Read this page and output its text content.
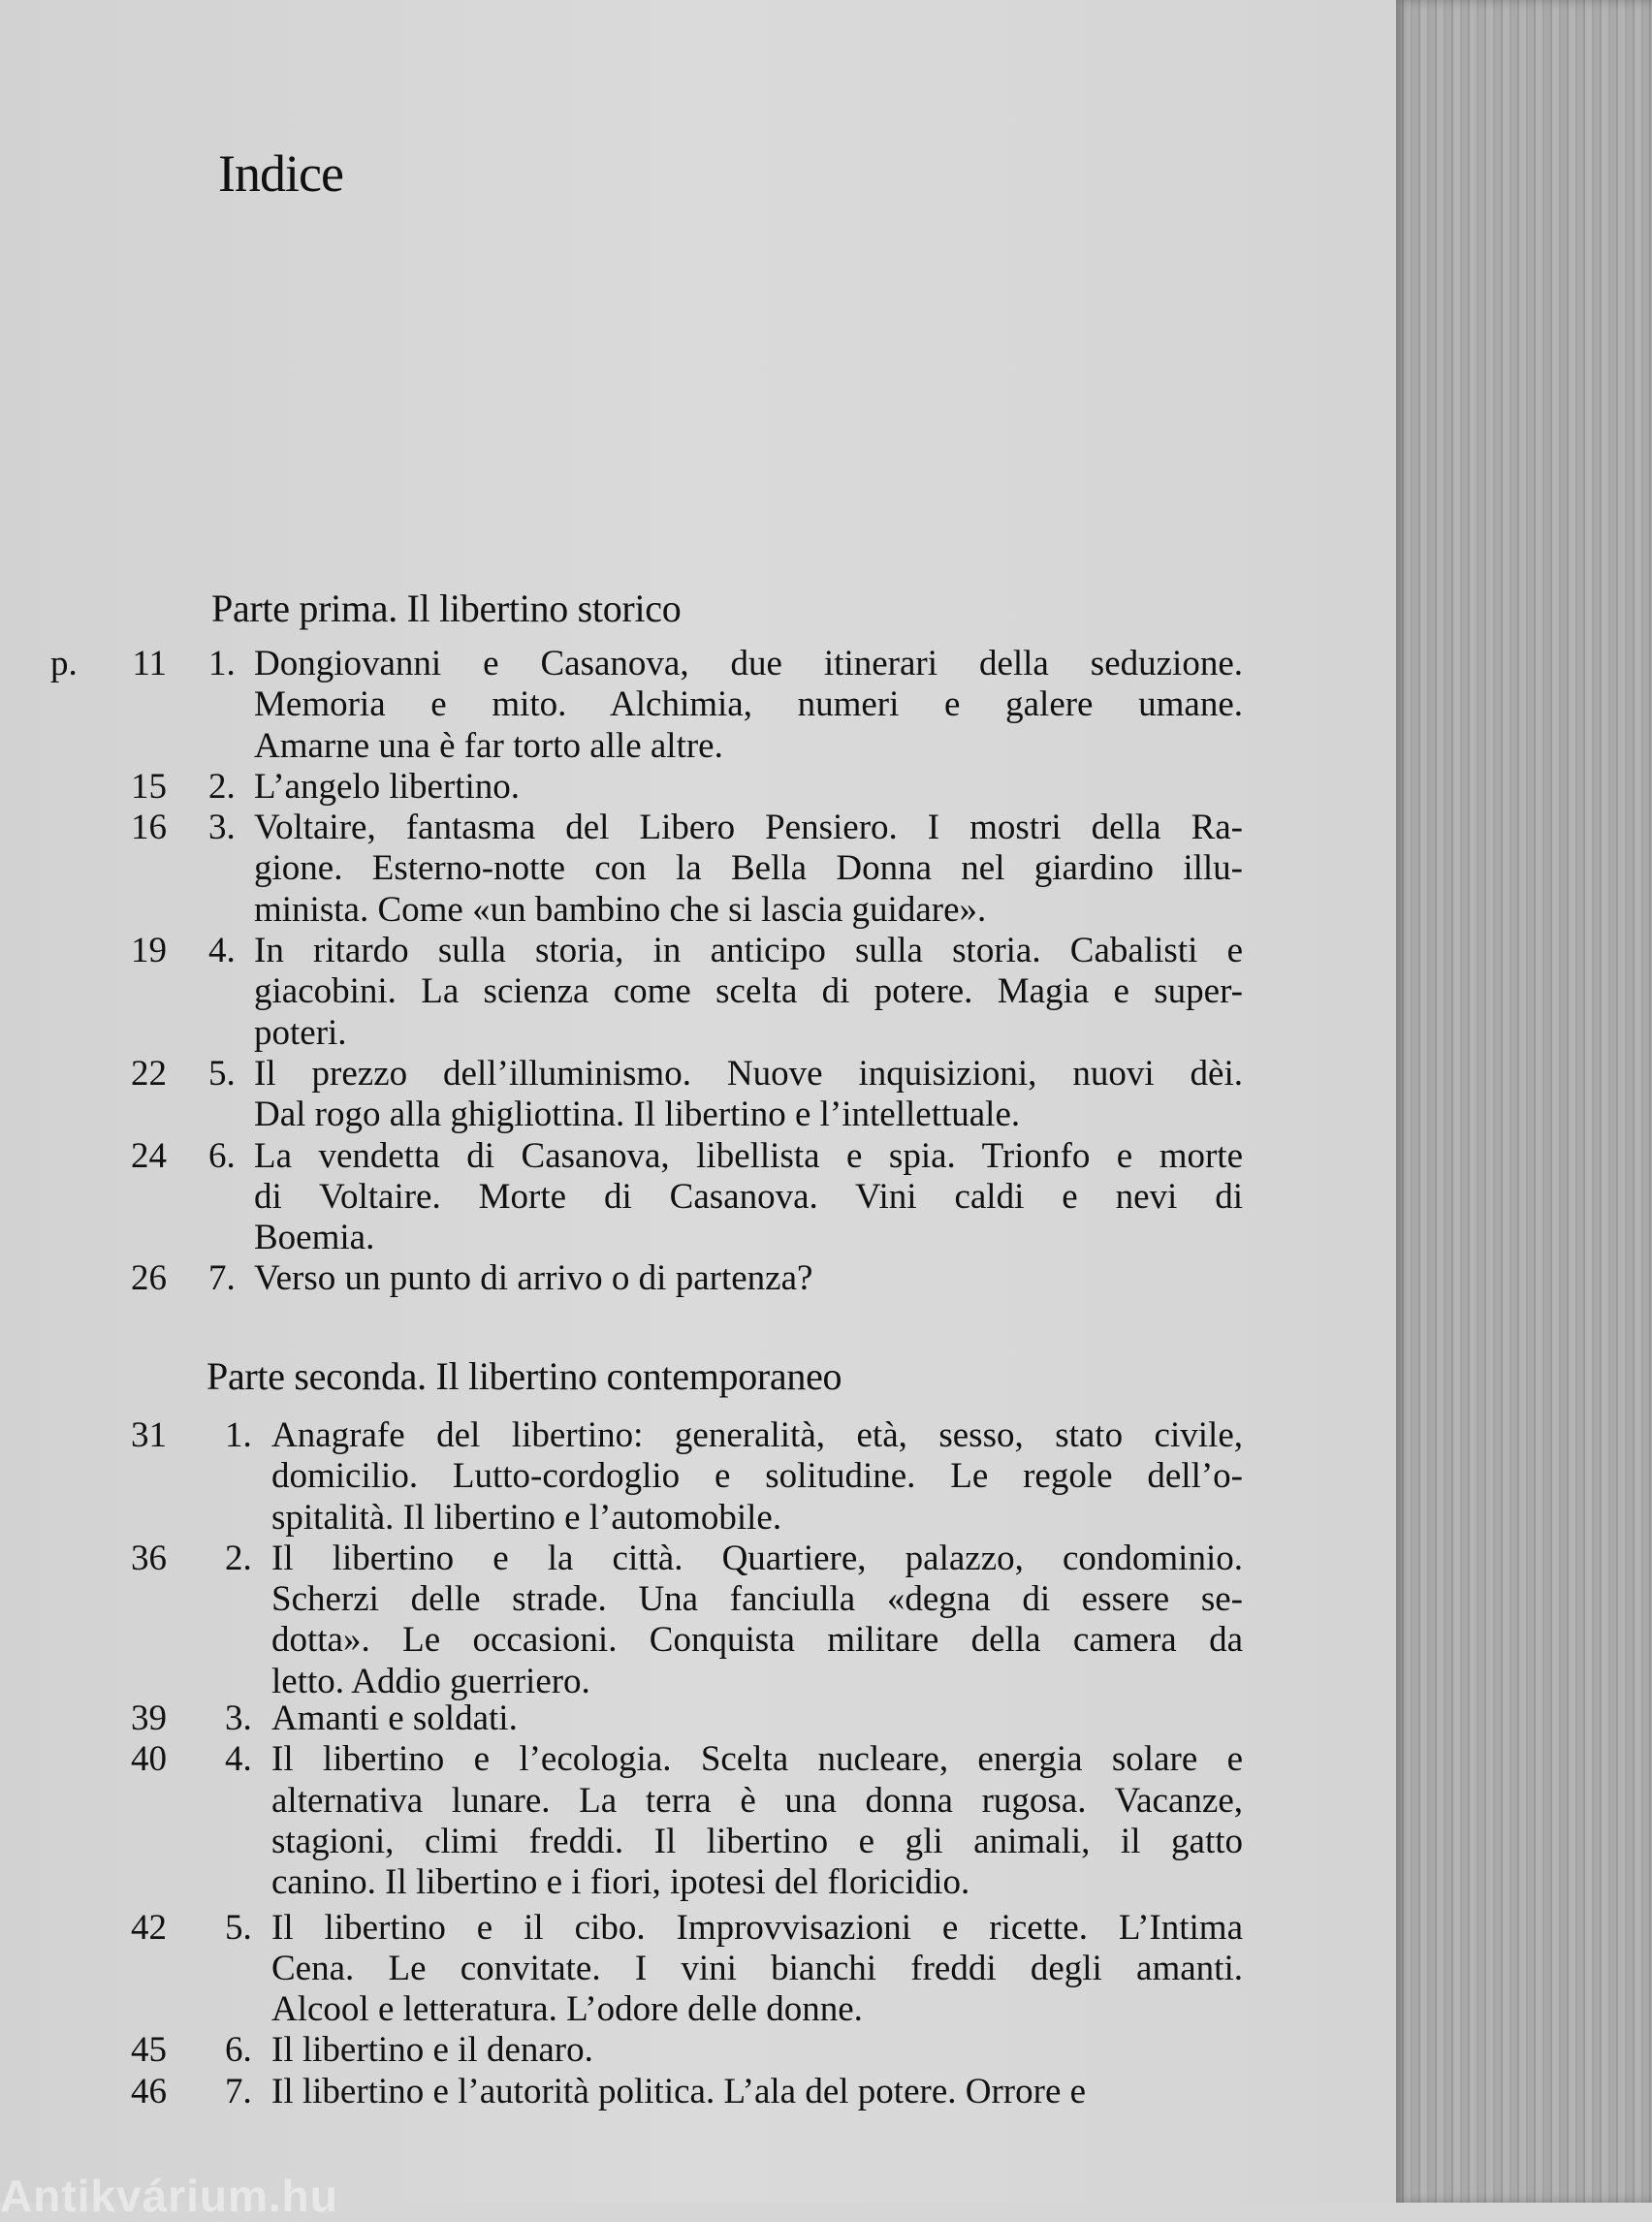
Indice
Parte prima. Il libertino storico
p. 11 1. Dongiovanni e Casanova, due itinerari della seduzione.
Memoria e mito. Alchimia, numeri e galere umane.
Amarne una è far torto alle altre.
15 2. L’angelo libertino.
16 3. Voltaire, fantasma del Libero Pensiero. I mostri della Ra-
gione. Esterno-notte con la Bella Donna nel giardino illu-
minista. Come «un bambino che si lascia guidare».
19 4. In ritardo sulla storia, in anticipo sulla storia. Cabalisti e
giacobini. La scienza come scelta di potere. Magia e super-
poteri.
22 5. Il prezzo dell’illuminismo. Nuove inquisizioni, nuovi dèi.
Dal rogo alla ghigliottina. Il libertino e l’intellettuale.
24 6. La vendetta di Casanova, libellista e spia. Trionfo e morte
di Voltaire. Morte di Casanova. Vini caldi e nevi di
Boemia.
26 7. Verso un punto di arrivo o di partenza?
Parte seconda. Il libertino contemporaneo
31 1. Anagrafe del libertino: generalità, età, sesso, stato civile,
domicilio. Lutto-cordoglio e solitudine. Le regole dell’o-
spitalità. Il libertino e l’automobile.
36 2. Il libertino e la città. Quartiere, palazzo, condominio.
Scherzi delle strade. Una fanciulla «degna di essere se-
dotta». Le occasioni. Conquista militare della camera da
letto. Addio guerriero.
39 3. Amanti e soldati.
40 4. Il libertino e l’ecologia. Scelta nucleare, energia solare e
alternativa lunare. La terra è una donna rugosa. Vacanze,
stagioni, climi freddi. Il libertino e gli animali, il gatto
canino. Il libertino e i fiori, ipotesi del floricidio.
42 5. Il libertino e il cibo. Improvvisazioni e ricette. L’Intima
Cena. Le convitate. I vini bianchi freddi degli amanti.
Alcool e letteratura. L’odore delle donne.
45 6. Il libertino e il denaro.
46 7. Il libertino e l’autorità politica. L’ala del potere. Orrore e
Antikvárium.hu
